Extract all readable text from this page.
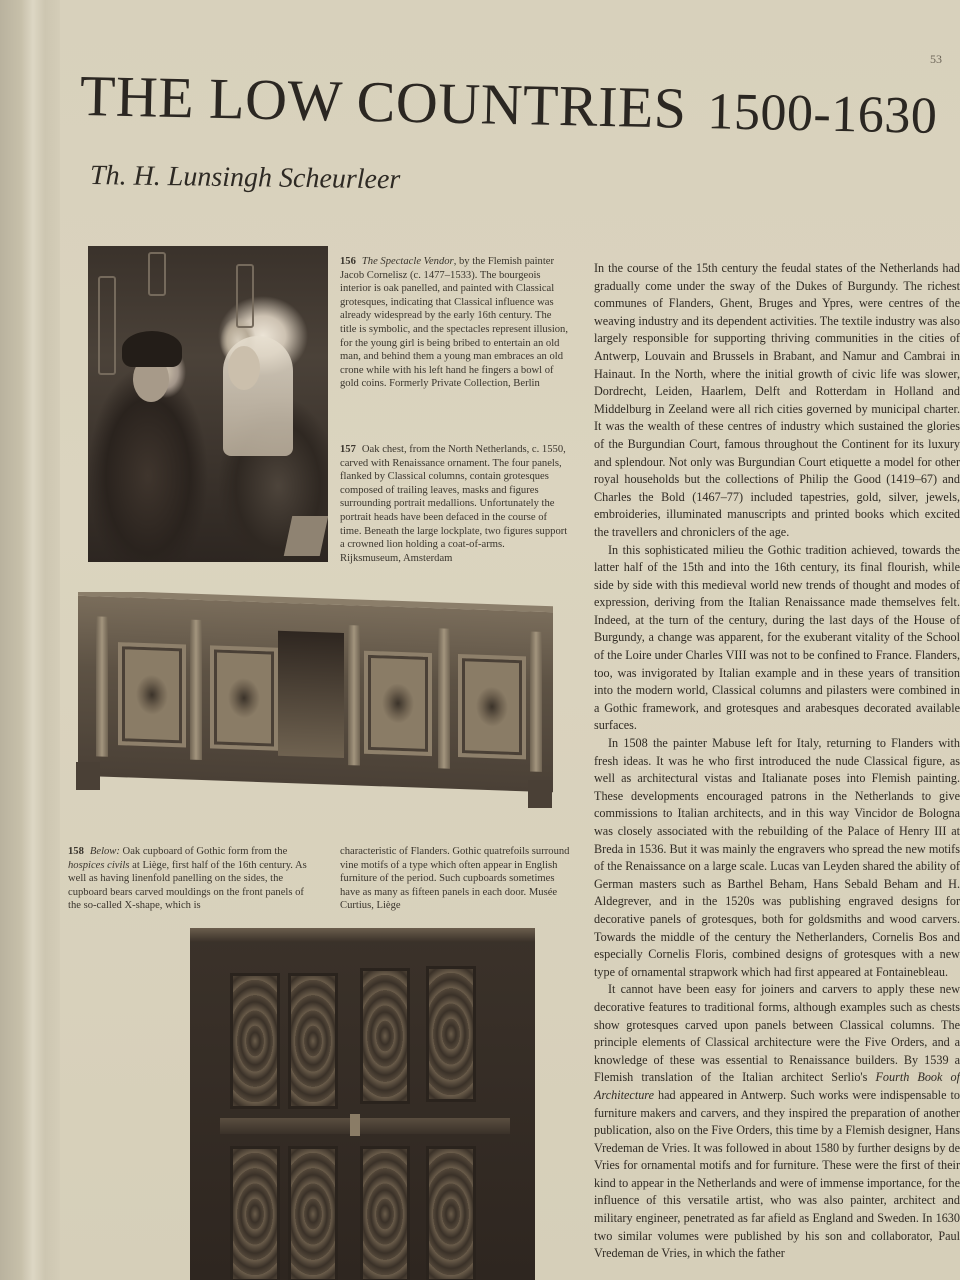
53
THE LOW COUNTRIES 1500-1630
Th. H. Lunsingh Scheurleer
156 The Spectacle Vendor, by the Flemish painter Jacob Cornelisz (c. 1477–1533). The bourgeois interior is oak panelled, and painted with Classical grotesques, indicating that Classical influence was already widespread by the early 16th century. The title is symbolic, and the spectacles represent illusion, for the young girl is being bribed to entertain an old man, and behind them a young man embraces an old crone while with his left hand he fingers a bowl of gold coins. Formerly Private Collection, Berlin
157 Oak chest, from the North Netherlands, c. 1550, carved with Renaissance ornament. The four panels, flanked by Classical columns, contain grotesques composed of trailing leaves, masks and figures surrounding portrait medallions. Unfortunately the portrait heads have been defaced in the course of time. Beneath the large lockplate, two figures support a crowned lion holding a coat-of-arms. Rijksmuseum, Amsterdam
158 Below: Oak cupboard of Gothic form from the hospices civils at Liège, first half of the 16th century. As well as having linenfold panelling on the sides, the cupboard bears carved mouldings on the front panels of the so-called X-shape, which is
characteristic of Flanders. Gothic quatrefoils surround vine motifs of a type which often appear in English furniture of the period. Such cupboards sometimes have as many as fifteen panels in each door. Musée Curtius, Liège

In the course of the 15th century the feudal states of the Netherlands had gradually come under the sway of the Dukes of Burgundy. The richest communes of Flanders, Ghent, Bruges and Ypres, were centres of the weaving industry and its dependent activities. The textile industry was also largely responsible for supporting thriving communities in the cities of Antwerp, Louvain and Brussels in Brabant, and Namur and Cambrai in Hainaut. In the North, where the initial growth of civic life was slower, Dordrecht, Leiden, Haarlem, Delft and Rotterdam in Holland and Middelburg in Zeeland were all rich cities governed by municipal charter. It was the wealth of these centres of industry which sustained the glories of the Burgundian Court, famous throughout the Continent for its luxury and splendour. Not only was Burgundian Court etiquette a model for other royal households but the collections of Philip the Good (1419–67) and Charles the Bold (1467–77) included tapestries, gold, silver, jewels, embroideries, illuminated manuscripts and printed books which excited the travellers and chroniclers of the age.

In this sophisticated milieu the Gothic tradition achieved, towards the latter half of the 15th and into the 16th century, its final flourish, while side by side with this medieval world new trends of thought and modes of expression, deriving from the Italian Renaissance made themselves felt. Indeed, at the turn of the century, during the last days of the House of Burgundy, a change was apparent, for the exuberant vitality of the School of the Loire under Charles VIII was not to be confined to France. Flanders, too, was invigorated by Italian example and in these years of transition into the modern world, Classical columns and pilasters were combined in a Gothic framework, and grotesques and arabesques decorated available surfaces.

In 1508 the painter Mabuse left for Italy, returning to Flanders with fresh ideas. It was he who first introduced the nude Classical figure, as well as architectural vistas and Italianate poses into Flemish painting. These developments encouraged patrons in the Netherlands to give commissions to Italian architects, and in this way Vincidor de Bologna was closely associated with the rebuilding of the Palace of Henry III at Breda in 1536. But it was mainly the engravers who spread the new motifs of the Renaissance on a large scale. Lucas van Leyden shared the ability of German masters such as Barthel Beham, Hans Sebald Beham and H. Aldegrever, and in the 1520s was publishing engraved designs for decorative panels of grotesques, both for goldsmiths and wood carvers. Towards the middle of the century the Netherlanders, Cornelis Bos and especially Cornelis Floris, combined designs of grotesques with a new type of ornamental strapwork which had first appeared at Fontainebleau.

It cannot have been easy for joiners and carvers to apply these new decorative features to traditional forms, although examples such as chests show grotesques carved upon panels between Classical columns. The principle elements of Classical architecture were the Five Orders, and a knowledge of these was essential to Renaissance builders. By 1539 a Flemish translation of the Italian architect Serlio's Fourth Book of Architecture had appeared in Antwerp. Such works were indispensable to furniture makers and carvers, and they inspired the preparation of another publication, also on the Five Orders, this time by a Flemish designer, Hans Vredeman de Vries. It was followed in about 1580 by further designs by de Vries for ornamental motifs and for furniture. These were the first of their kind to appear in the Netherlands and were of immense importance, for the influence of this versatile artist, who was also painter, architect and military engineer, penetrated as far afield as England and Sweden. In 1630 two similar volumes were published by his son and collaborator, Paul Vredeman de Vries, in which the father
